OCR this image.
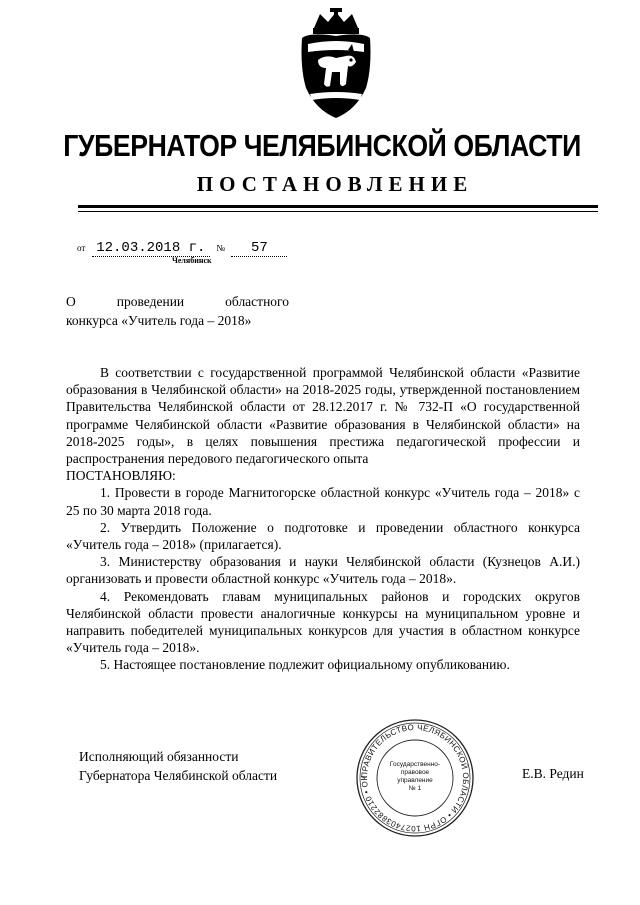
ГУБЕРНАТОР ЧЕЛЯБИНСКОЙ ОБЛАСТИ
ПОСТАНОВЛЕНИЕ
от 12.03.2018 г. № 57
Челябинск
О проведении областного
конкурса «Учитель года – 2018»

В соответствии с государственной программой Челябинской области «Развитие образования в Челябинской области» на 2018-2025 годы, утвержденной постановлением Правительства Челябинской области от 28.12.2017 г. № 732-П «О государственной программе Челябинской области «Развитие образования в Челябинской области» на 2018-2025 годы», в целях повышения престижа педагогической профессии и распространения передового педагогического опыта

ПОСТАНОВЛЯЮ:

1. Провести в городе Магнитогорске областной конкурс «Учитель года – 2018» с 25 по 30 марта 2018 года.

2. Утвердить Положение о подготовке и проведении областного конкурса «Учитель года – 2018» (прилагается).

3. Министерству образования и науки Челябинской области (Кузнецов А.И.) организовать и провести областной конкурс «Учитель года – 2018».

4. Рекомендовать главам муниципальных районов и городских округов Челябинской области провести аналогичные конкурсы на муниципальном уровне и направить победителей муниципальных конкурсов для участия в областном конкурсе «Учитель года – 2018».

5. Настоящее постановление подлежит официальному опубликованию.

Исполняющий обязанности
Губернатора Челябинской области	ПРАВИТЕЛЬСТВО ЧЕЛЯБИНСКОЙ ОБЛАСТИ • ОГРН 1027403882210 • ОК
Государственно-
правовое
управление
№ 1
Е.В. Редин
